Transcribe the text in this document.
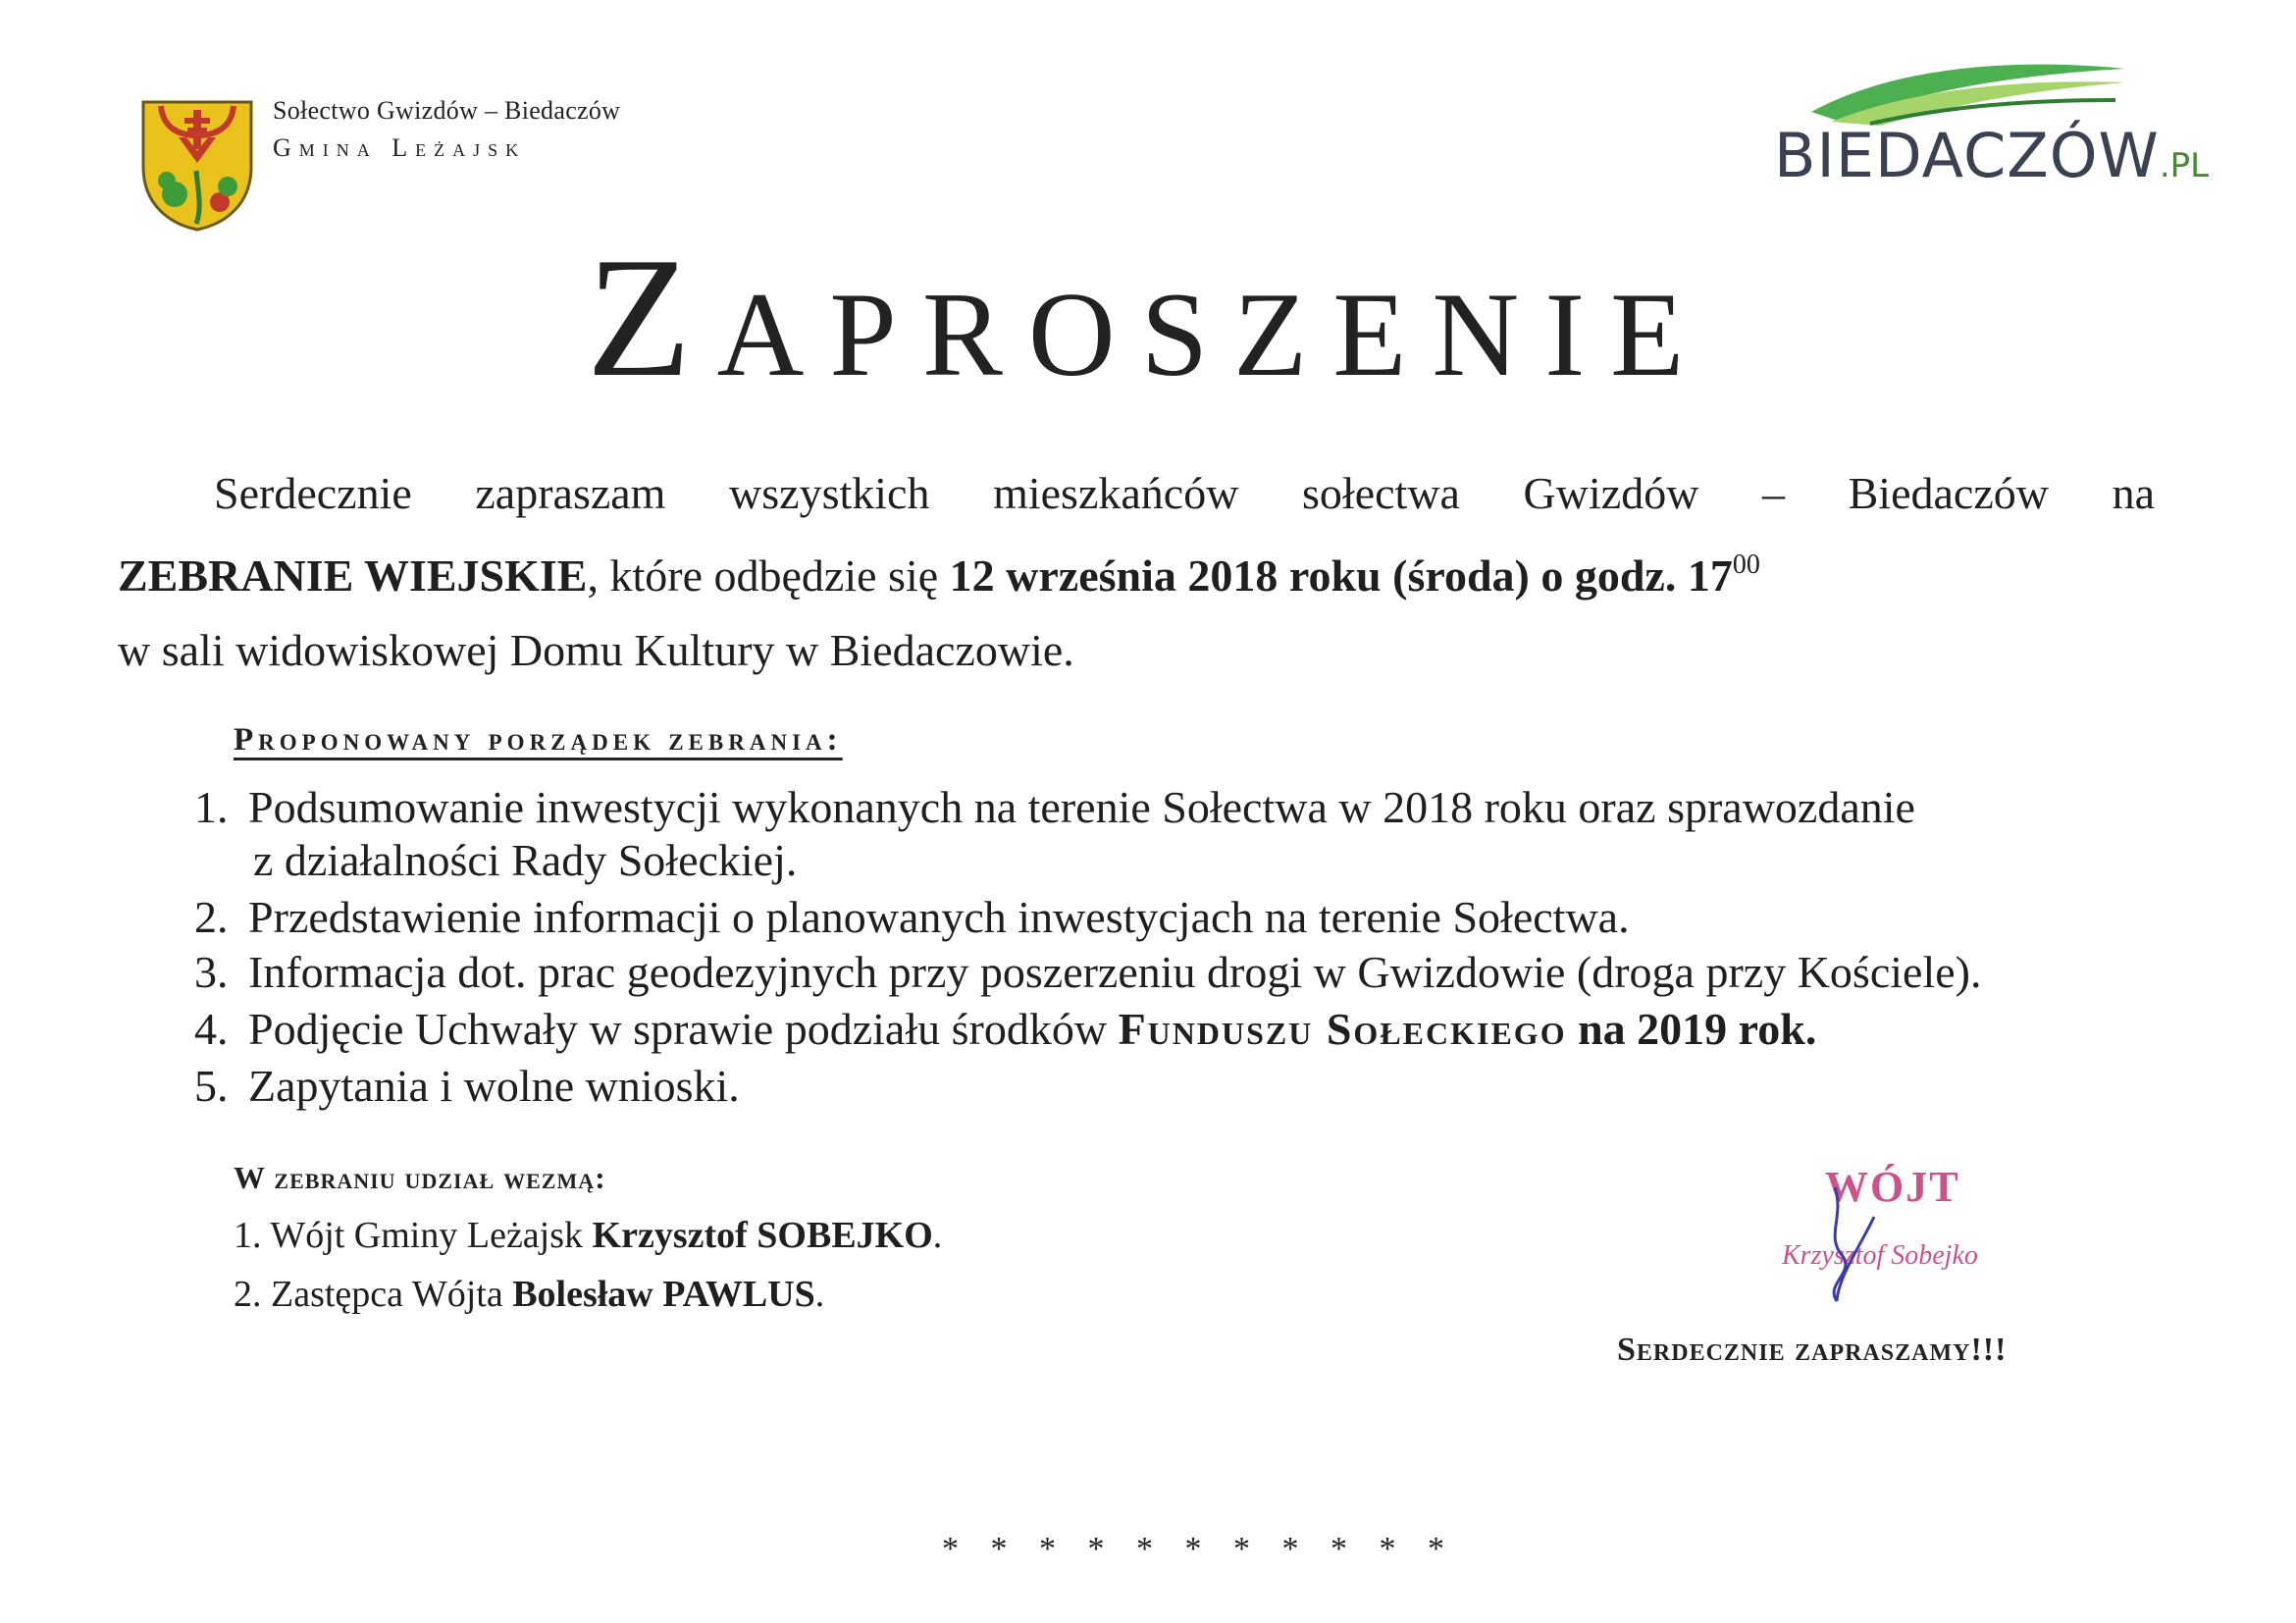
Sołectwo Gwizdów – Biedaczów
Gmina Leżajsk	BIEDACZÓW.PL
Zaproszenie
Serdecznie zapraszam wszystkich mieszkańców sołectwa Gwizdów – Biedaczów na
ZEBRANIE WIEJSKIE, które odbędzie się 12 września 2018 roku (środa) o godz. $17^{00}$
w sali widowiskowej Domu Kultury w Biedaczowie.
Proponowany porządek zebrania:
1. Podsumowanie inwestycji wykonanych na terenie Sołectwa w 2018 roku oraz sprawozdanie
z działalności Rady Sołeckiej.
2. Przedstawienie informacji o planowanych inwestycjach na terenie Sołectwa.
3. Informacja dot. prac geodezyjnych przy poszerzeniu drogi w Gwizdowie (droga przy Kościele).
4. Podjęcie Uchwały w sprawie podziału środków Funduszu Sołeckiego na 2019 rok.
5. Zapytania i wolne wnioski.
W zebraniu udział wezmą:
1. Wójt Gminy Leżajsk Krzysztof SOBEJKO.
2. Zastępca Wójta Bolesław PAWLUS.
WÓJT
Krzysztof Sobejko
Serdecznie zapraszamy!!!
* * * * * * * * * * *
